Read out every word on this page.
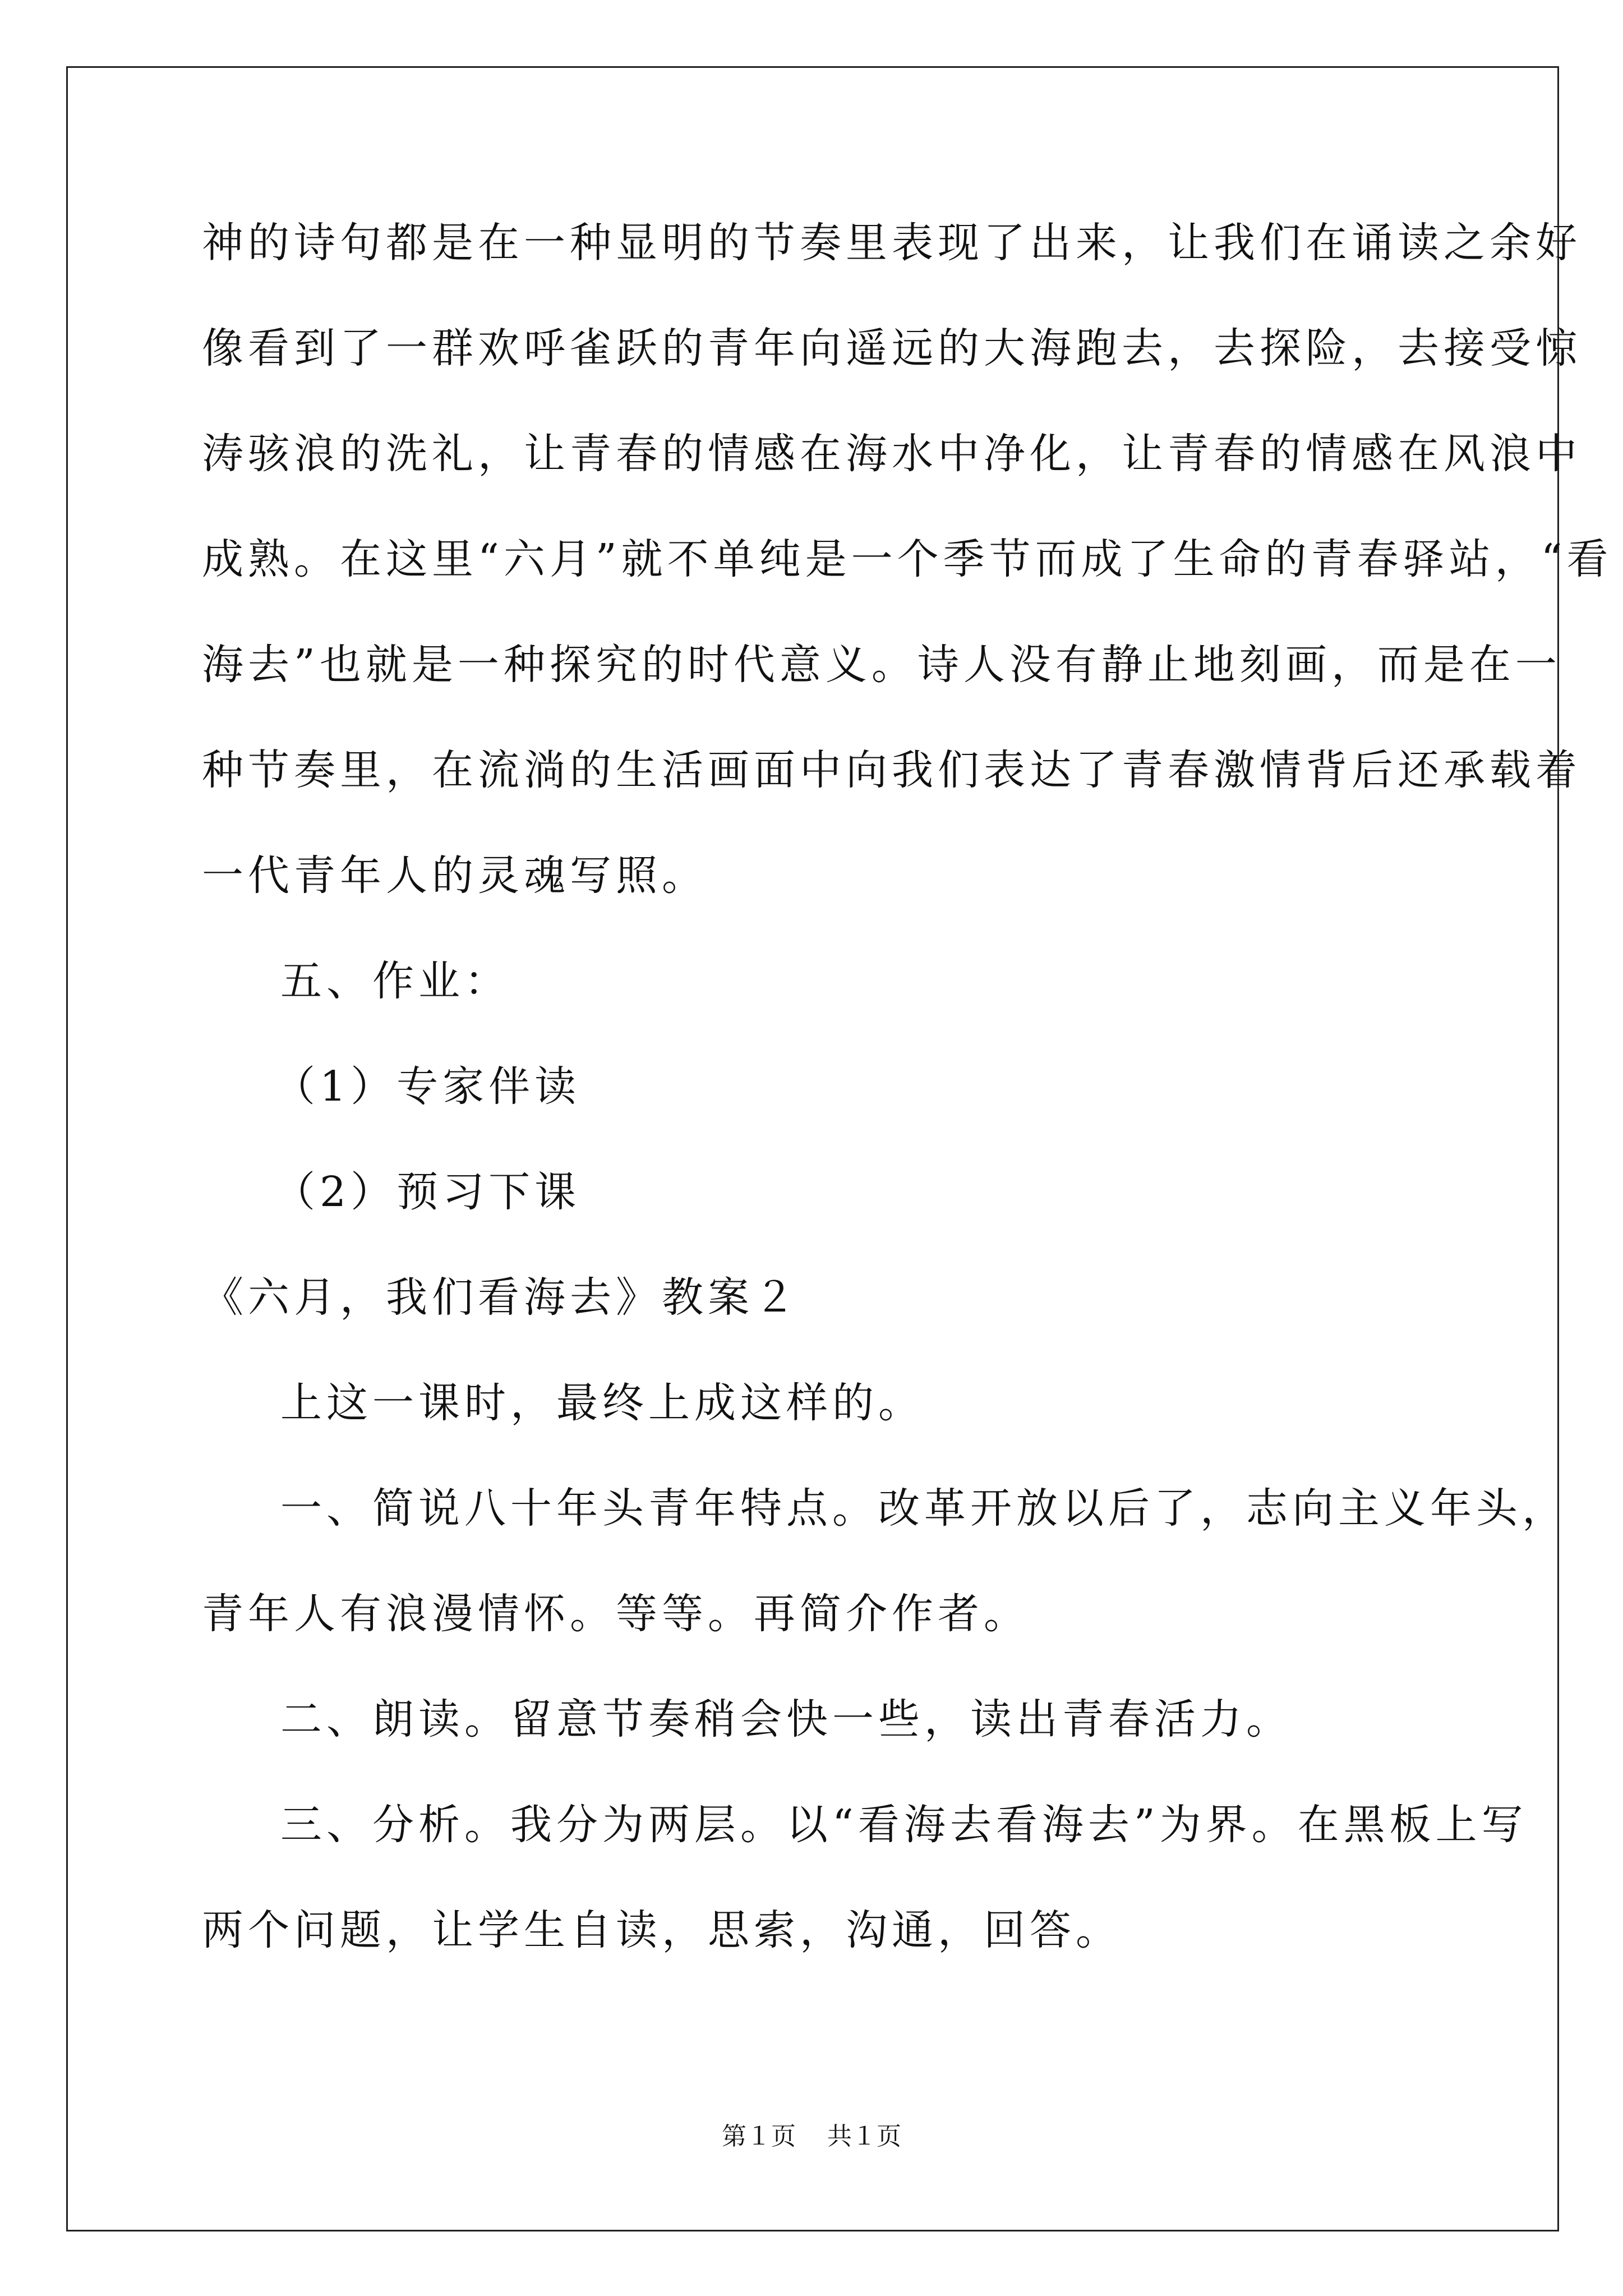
神的诗句都是在一种显明的节奏里表现了出来，让我们在诵读之余好
像看到了一群欢呼雀跃的青年向遥远的大海跑去，去探险，去接受惊
涛骇浪的洗礼，让青春的情感在海水中净化，让青春的情感在风浪中
成熟。在这里“六月”就不单纯是一个季节而成了生命的青春驿站，“看
海去”也就是一种探究的时代意义。诗人没有静止地刻画，而是在一
种节奏里，在流淌的生活画面中向我们表达了青春激情背后还承载着
一代青年人的灵魂写照。
五、作业：
（1）专家伴读
（2）预习下课
《六月，我们看海去》教案２
上这一课时，最终上成这样的。
一、简说八十年头青年特点。改革开放以后了，志向主义年头，
青年人有浪漫情怀。等等。再简介作者。
二、朗读。留意节奏稍会快一些，读出青春活力。
三、分析。我分为两层。以“看海去看海去”为界。在黑板上写
两个问题，让学生自读，思索，沟通，回答。
第１页 共１页
